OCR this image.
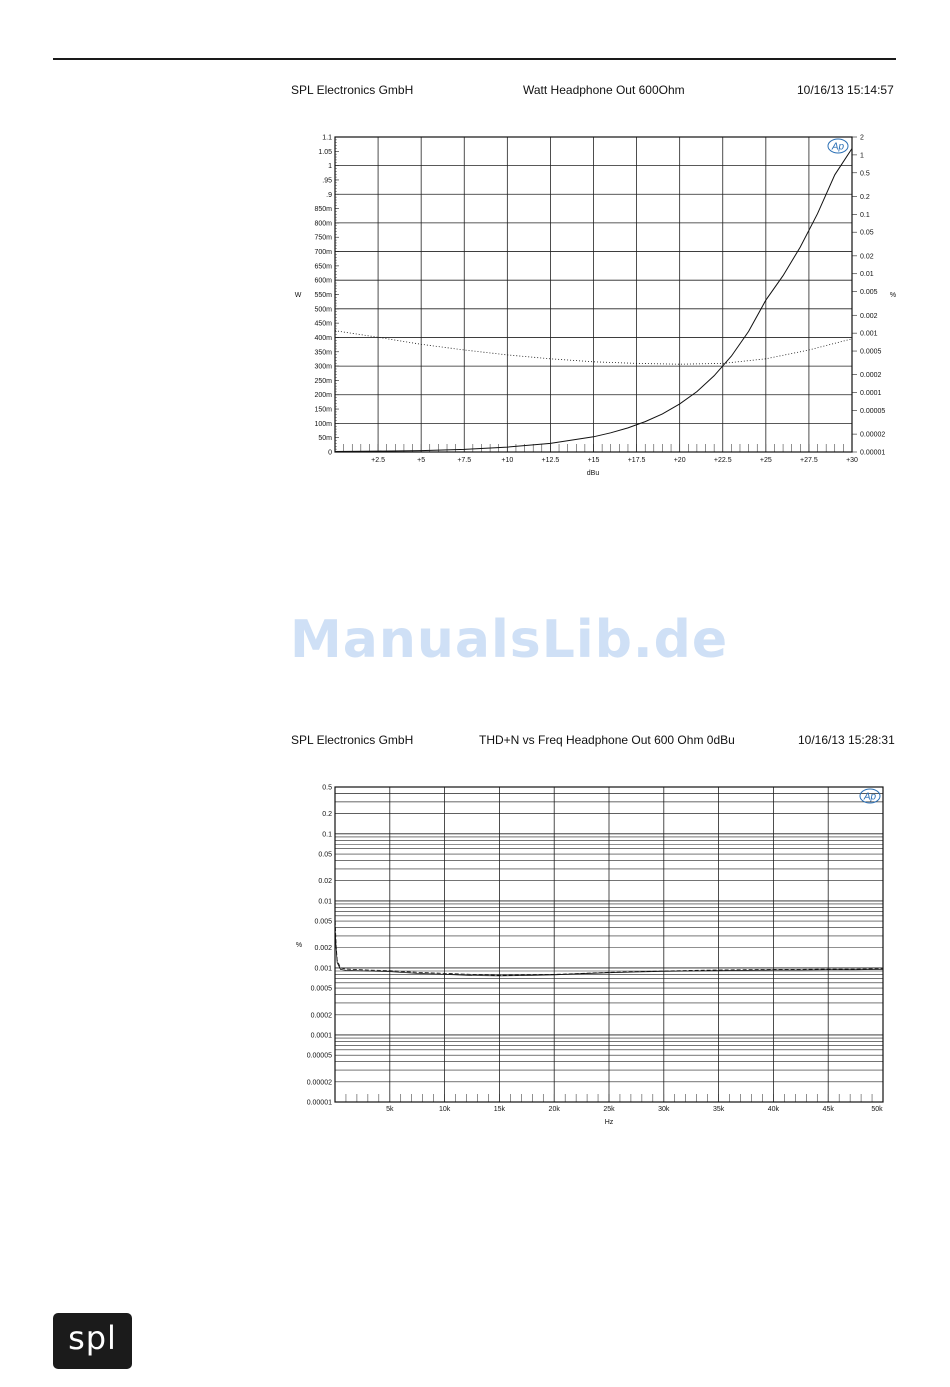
SPL Electronics GmbH	Watt Headphone Out 600Ohm	10/16/13 15:14:57
+2.5	+5	+7.5	+10	+12.5	+15	+17.5	+20	+22.5	+25	+27.5	+30
0
50m
100m
150m
200m
250m
300m
350m
400m
450m
500m
550m
600m
650m
700m
750m
800m
850m
.9
.95
1
1.05
1.1	2
1
0.5
0.2
0.1
0.05
0.02
0.01
0.005
0.002
0.001
0.0005
0.0002
0.0001
0.00005
0.00002
0.00001
dBu
W	%
Ap
ManualsLib.de
SPL Electronics GmbH	THD+N vs Freq Headphone Out 600 Ohm 0dBu	10/16/13 15:28:31
5k	10k	15k	20k	25k	30k	35k	40k	45k	50k
0.5
0.2
0.1
0.05
0.02
0.01
0.005
0.002
0.001
0.0005
0.0002
0.0001
0.00005
0.00002
0.00001
Hz
%
Ap
spl
